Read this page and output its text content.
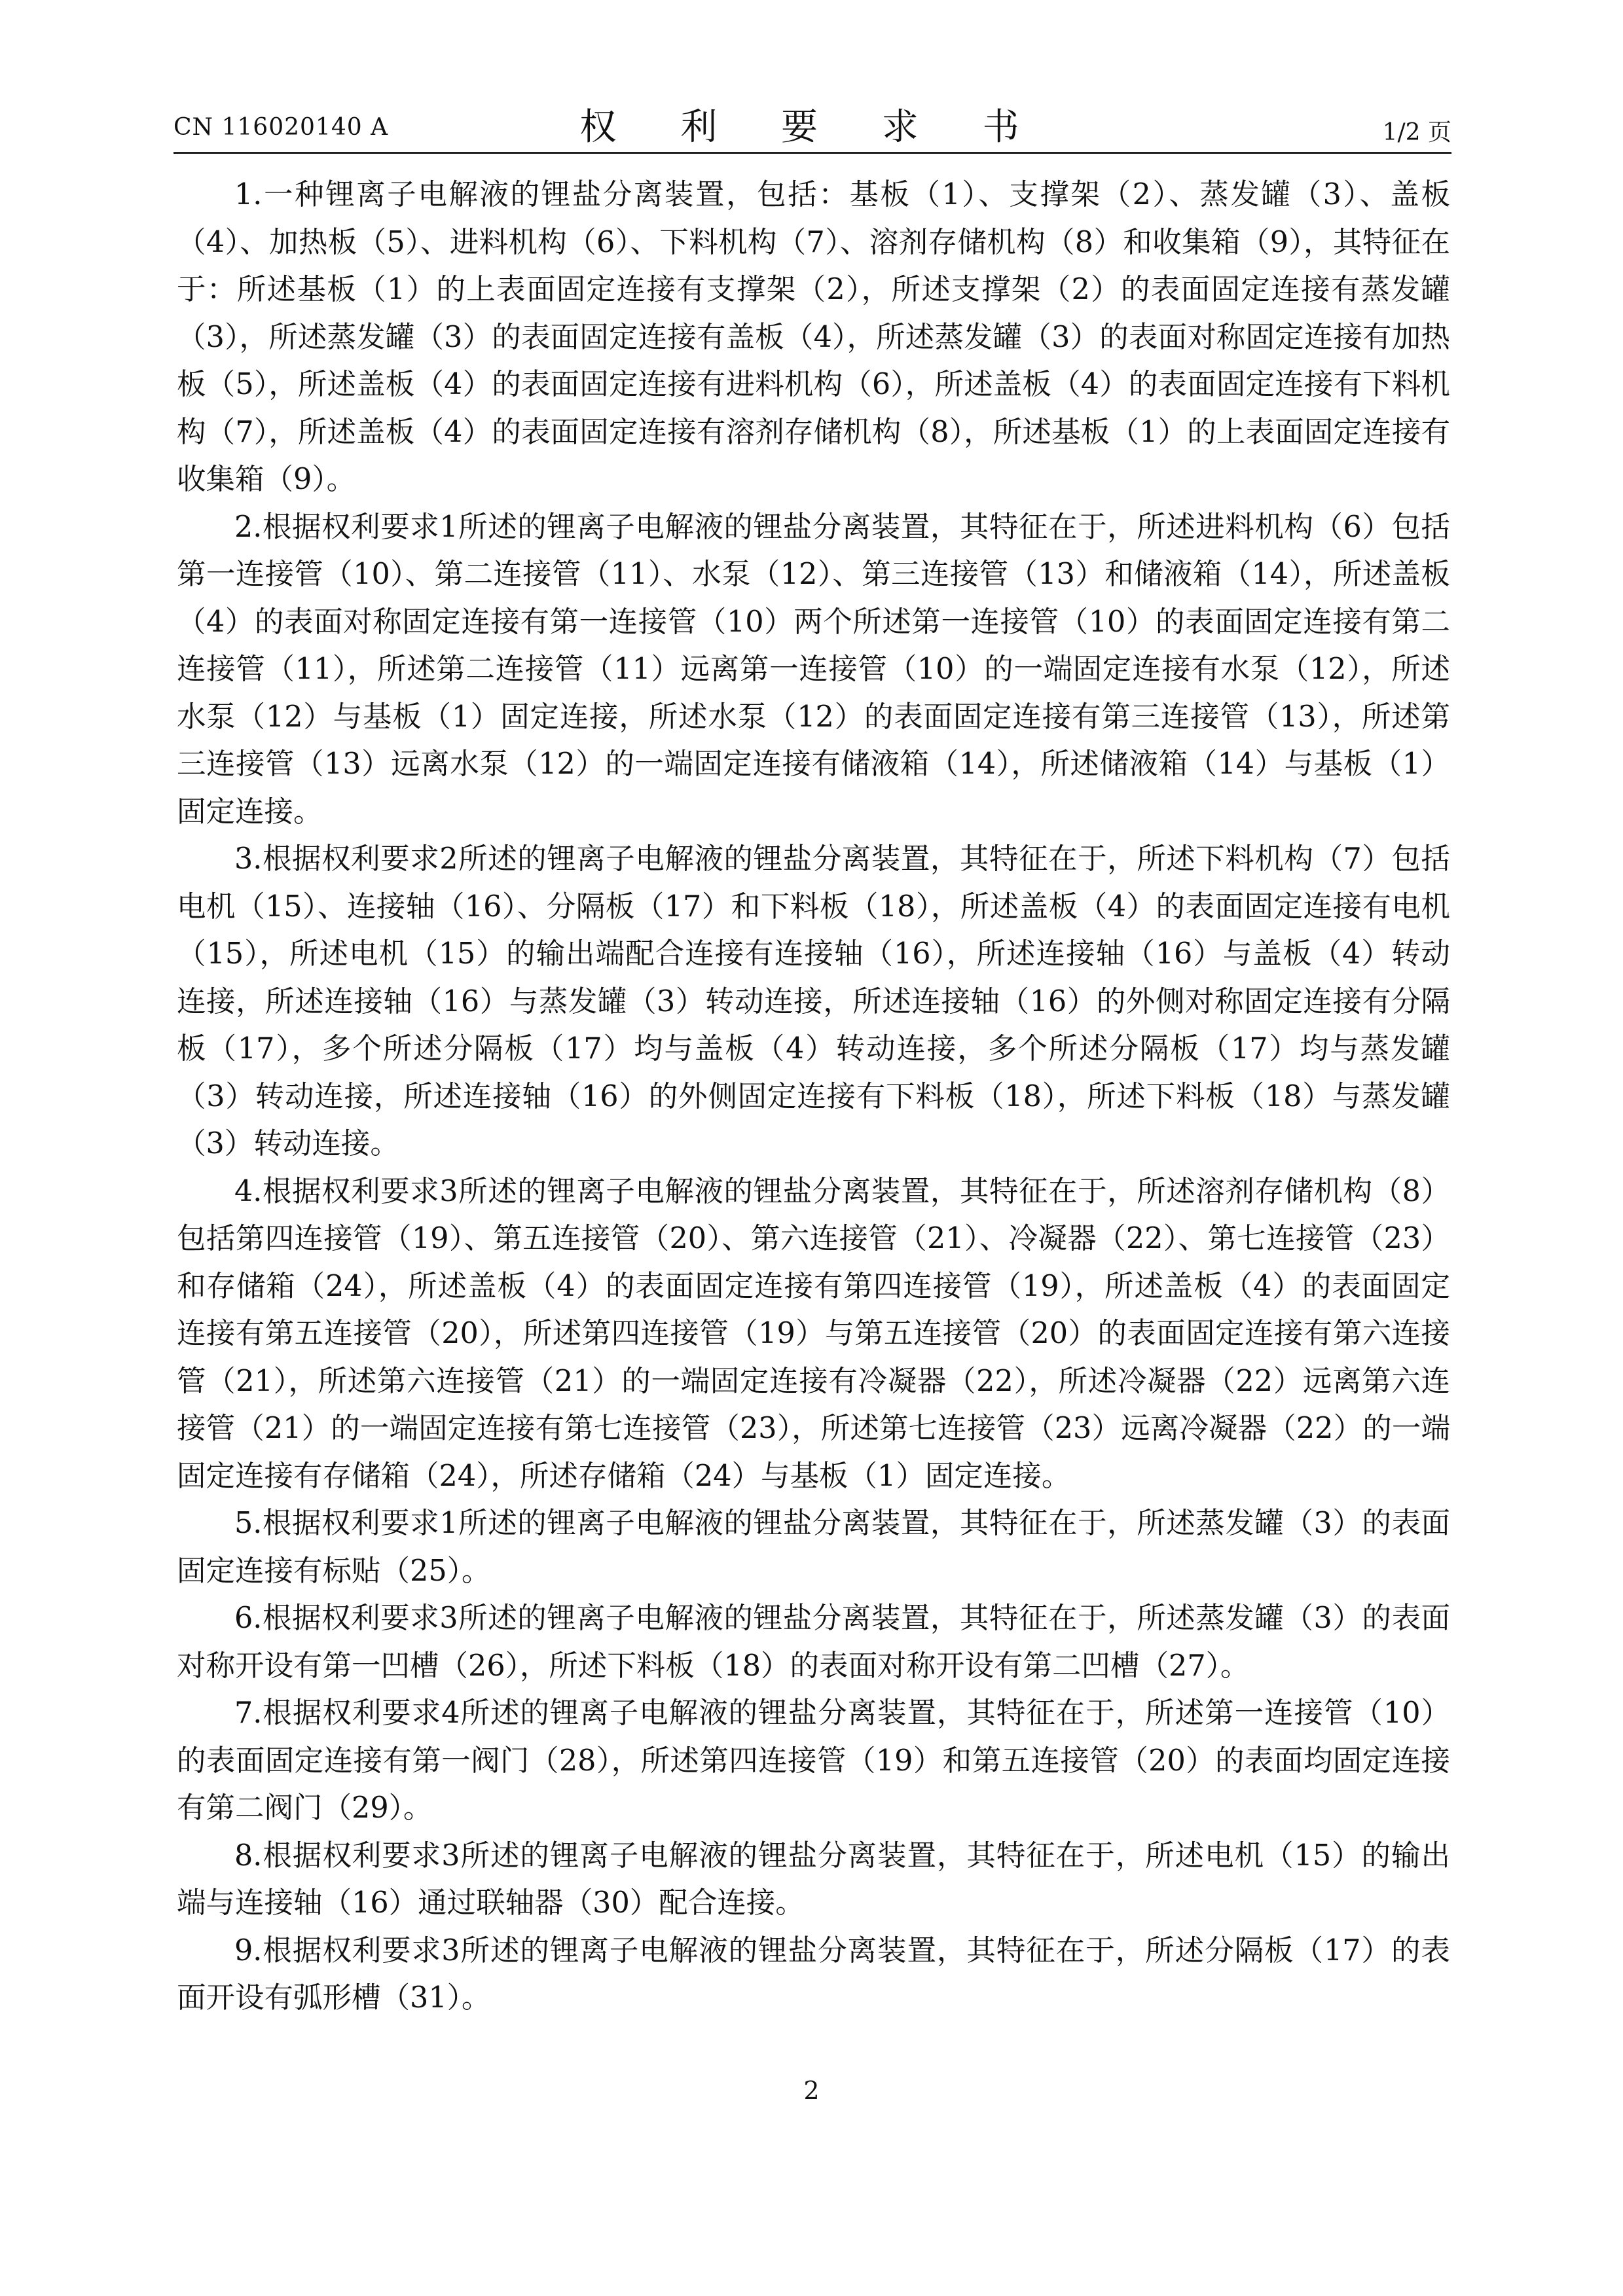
CN 116020140 A	权 利 要 求 书	1/2 页

1.一种锂离子电解液的锂盐分离装置，包括：基板（1）、支撑架（2）、蒸发罐（3）、盖板（4）、加热板（5）、进料机构（6）、下料机构（7）、溶剂存储机构（8）和收集箱（9），其特征在于：所述基板（1）的上表面固定连接有支撑架（2），所述支撑架（2）的表面固定连接有蒸发罐（3），所述蒸发罐（3）的表面固定连接有盖板（4），所述蒸发罐（3）的表面对称固定连接有加热板（5），所述盖板（4）的表面固定连接有进料机构（6），所述盖板（4）的表面固定连接有下料机构（7），所述盖板（4）的表面固定连接有溶剂存储机构（8），所述基板（1）的上表面固定连接有收集箱（9）。

2.根据权利要求1所述的锂离子电解液的锂盐分离装置，其特征在于，所述进料机构（6）包括第一连接管（10）、第二连接管（11）、水泵（12）、第三连接管（13）和储液箱（14），所述盖板（4）的表面对称固定连接有第一连接管（10）两个所述第一连接管（10）的表面固定连接有第二连接管（11），所述第二连接管（11）远离第一连接管（10）的一端固定连接有水泵（12），所述水泵（12）与基板（1）固定连接，所述水泵（12）的表面固定连接有第三连接管（13），所述第三连接管（13）远离水泵（12）的一端固定连接有储液箱（14），所述储液箱（14）与基板（1）固定连接。

3.根据权利要求2所述的锂离子电解液的锂盐分离装置，其特征在于，所述下料机构（7）包括电机（15）、连接轴（16）、分隔板（17）和下料板（18），所述盖板（4）的表面固定连接有电机（15），所述电机（15）的输出端配合连接有连接轴（16），所述连接轴（16）与盖板（4）转动连接，所述连接轴（16）与蒸发罐（3）转动连接，所述连接轴（16）的外侧对称固定连接有分隔板（17），多个所述分隔板（17）均与盖板（4）转动连接，多个所述分隔板（17）均与蒸发罐（3）转动连接，所述连接轴（16）的外侧固定连接有下料板（18），所述下料板（18）与蒸发罐（3）转动连接。

4.根据权利要求3所述的锂离子电解液的锂盐分离装置，其特征在于，所述溶剂存储机构（8）包括第四连接管（19）、第五连接管（20）、第六连接管（21）、冷凝器（22）、第七连接管（23）和存储箱（24），所述盖板（4）的表面固定连接有第四连接管（19），所述盖板（4）的表面固定连接有第五连接管（20），所述第四连接管（19）与第五连接管（20）的表面固定连接有第六连接管（21），所述第六连接管（21）的一端固定连接有冷凝器（22），所述冷凝器（22）远离第六连接管（21）的一端固定连接有第七连接管（23），所述第七连接管（23）远离冷凝器（22）的一端固定连接有存储箱（24），所述存储箱（24）与基板（1）固定连接。

5.根据权利要求1所述的锂离子电解液的锂盐分离装置，其特征在于，所述蒸发罐（3）的表面固定连接有标贴（25）。

6.根据权利要求3所述的锂离子电解液的锂盐分离装置，其特征在于，所述蒸发罐（3）的表面对称开设有第一凹槽（26），所述下料板（18）的表面对称开设有第二凹槽（27）。

7.根据权利要求4所述的锂离子电解液的锂盐分离装置，其特征在于，所述第一连接管（10）的表面固定连接有第一阀门（28），所述第四连接管（19）和第五连接管（20）的表面均固定连接有第二阀门（29）。

8.根据权利要求3所述的锂离子电解液的锂盐分离装置，其特征在于，所述电机（15）的输出端与连接轴（16）通过联轴器（30）配合连接。

9.根据权利要求3所述的锂离子电解液的锂盐分离装置，其特征在于，所述分隔板（17）的表面开设有弧形槽（31）。

2
